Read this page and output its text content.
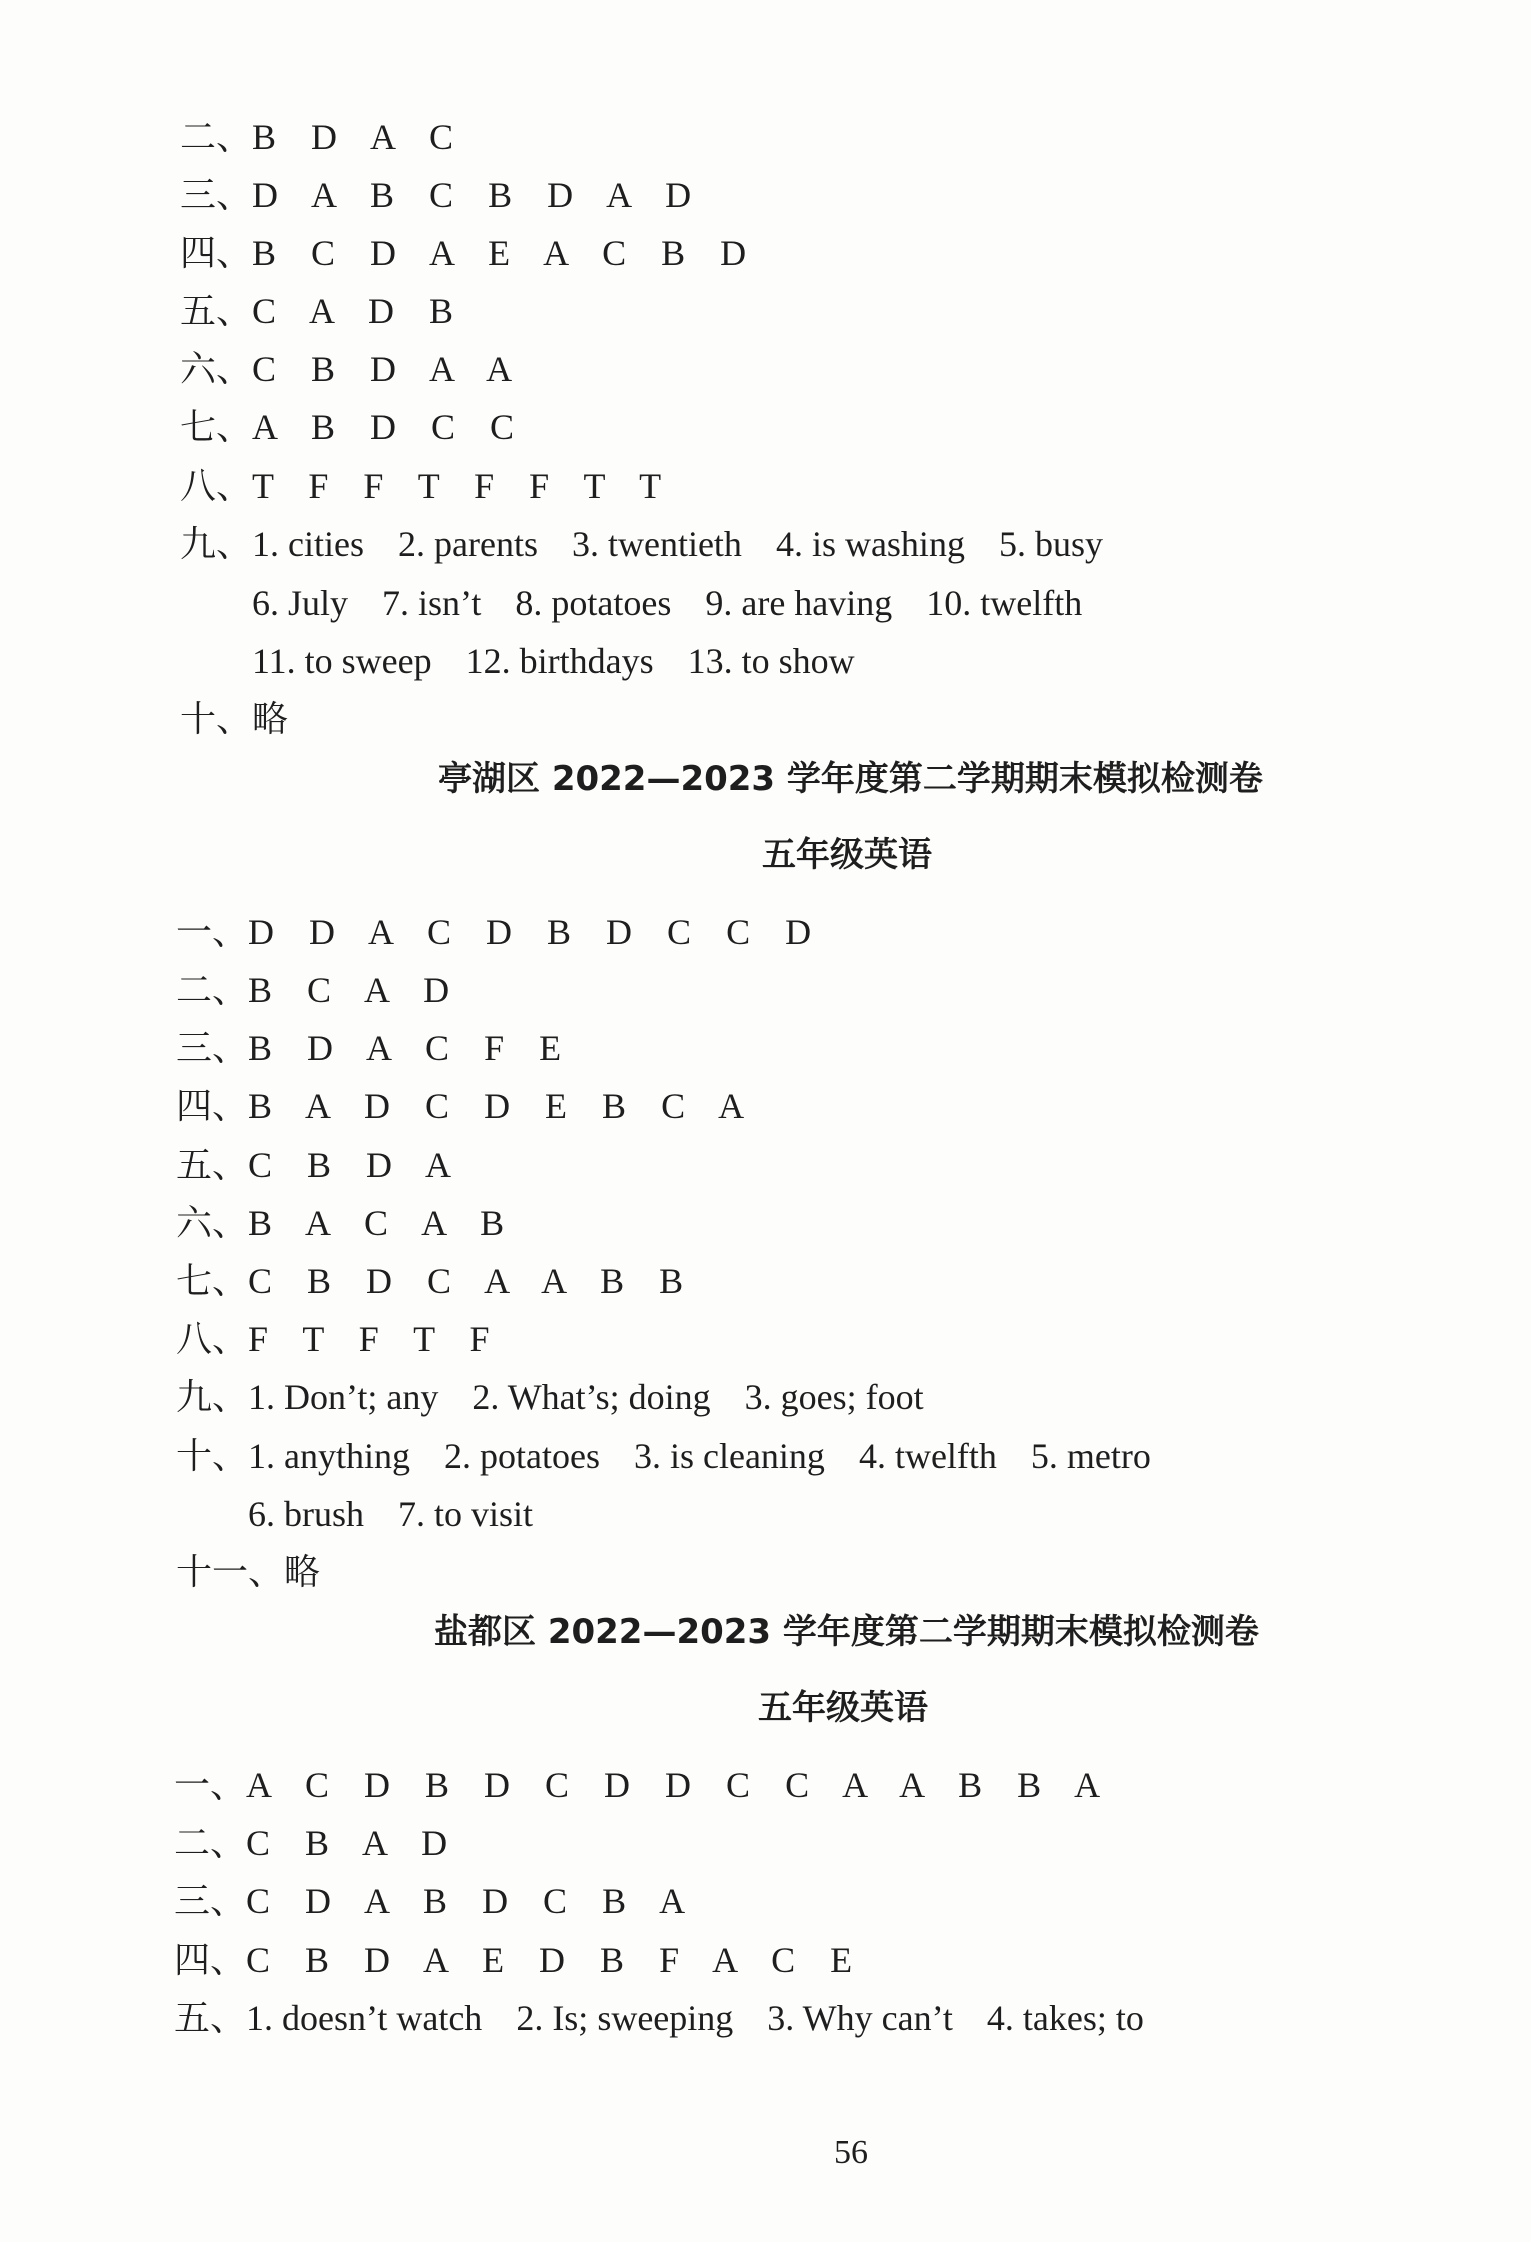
二、B D A C
三、D A B C B D A D
四、B C D A E A C B D
五、C A D B
六、C B D A A
七、A B D C C
八、T F F T F F T T
九、1. cities 2. parents 3. twentieth 4. is washing 5. busy
6. July 7. isn’t 8. potatoes 9. are having 10. twelfth
11. to sweep 12. birthdays 13. to show
十、略
亭湖区 2022—2023 学年度第二学期期末模拟检测卷
五年级英语
一、D D A C D B D C C D
二、B C A D
三、B D A C F E
四、B A D C D E B C A
五、C B D A
六、B A C A B
七、C B D C A A B B
八、F T F T F
九、1. Don’t; any 2. What’s; doing 3. goes; foot
十、1. anything 2. potatoes 3. is cleaning 4. twelfth 5. metro
6. brush 7. to visit
十一、略
盐都区 2022—2023 学年度第二学期期末模拟检测卷
五年级英语
一、A C D B D C D D C C A A B B A
二、C B A D
三、C D A B D C B A
四、C B D A E D B F A C E
五、1. doesn’t watch 2. Is; sweeping 3. Why can’t 4. takes; to
56
